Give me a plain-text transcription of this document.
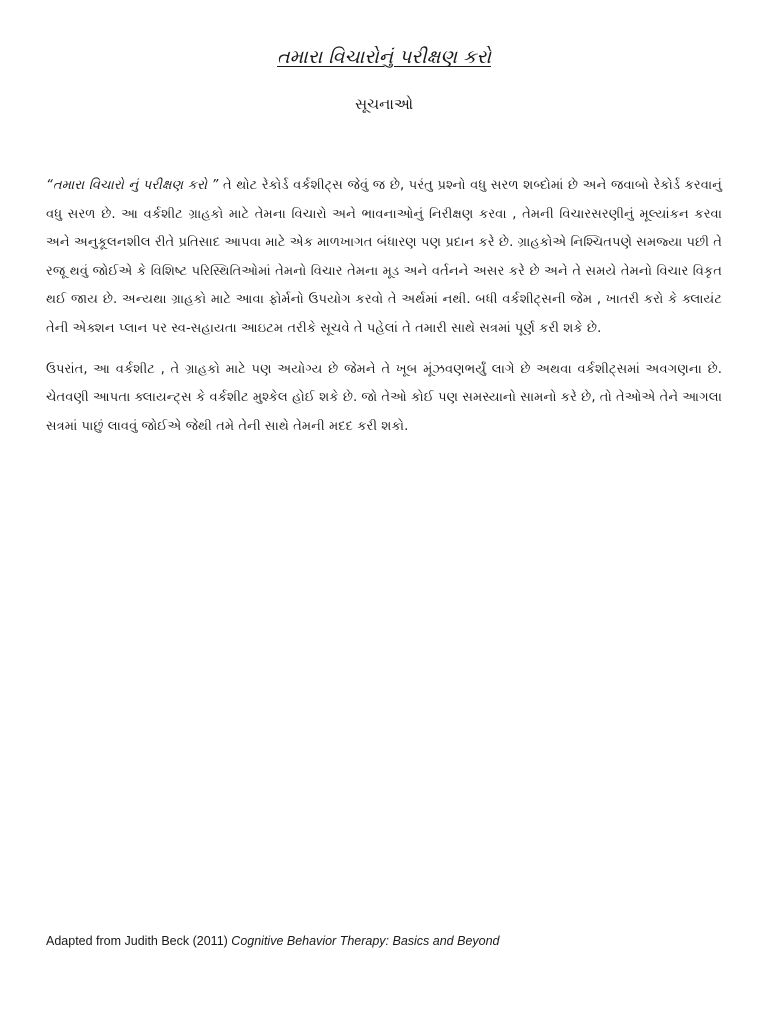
તમારા વિચારોનું પરીક્ષણ કરો
સૂચનાઓ

“તમારા વિચારો નું પરીક્ષણ કરો ” તે થોટ રેકોર્ડ વર્કશીટ્સ જેવું જ છે, પરંતુ પ્રશ્નો વધુ સરળ શબ્દોમાં છે અને જવાબો રેકોર્ડ કરવાનું વધુ સરળ છે. આ વર્કશીટ ગ્રાહકો માટે તેમના વિચારો અને ભાવનાઓનું નિરીક્ષણ કરવા , તેમની વિચારસરણીનું મૂલ્યાંકન કરવા અને અનુકૂલનશીલ રીતે પ્રતિસાદ આપવા માટે એક માળખાગત બંધારણ પણ પ્રદાન કરે છે. ગ્રાહકોએ નિશ્ચિતપણે સમજ્યા પછી તે રજૂ થવું જોઈએ કે વિશિષ્ટ પરિસ્થિતિઓમાં તેમનો વિચાર તેમના મૂડ અને વર્તનને અસર કરે છે અને તે સમયે તેમનો વિચાર વિકૃત થઈ જાય છે. અન્યથા ગ્રાહકો માટે આવા ફોર્મનો ઉપયોગ કરવો તે અર્થમાં નથી. બધી વર્કશીટ્સની જેમ , ખાતરી કરો કે ક્લાયંટ તેની એક્શન પ્લાન પર સ્વ-સહાયતા આઇટમ તરીકે સૂચવે તે પહેલાં તે તમારી સાથે સત્રમાં પૂર્ણ કરી શકે છે.

ઉપરાંત, આ વર્કશીટ , તે ગ્રાહકો માટે પણ અયોગ્ય છે જેમને તે ખૂબ મૂંઝવણભર્યું લાગે છે અથવા વર્કશીટ્સમાં અવગણના છે. ચેતવણી આપતા ક્લાયન્ટ્સ કે વર્કશીટ મુશ્કેલ હોઈ શકે છે. જો તેઓ કોઈ પણ સમસ્યાનો સામનો કરે છે, તો તેઓએ તેને આગલા સત્રમાં પાછું લાવવું જોઈએ જેથી તમે તેની સાથે તેમની મદદ કરી શકો.

Adapted from Judith Beck (2011) Cognitive Behavior Therapy: Basics and Beyond
